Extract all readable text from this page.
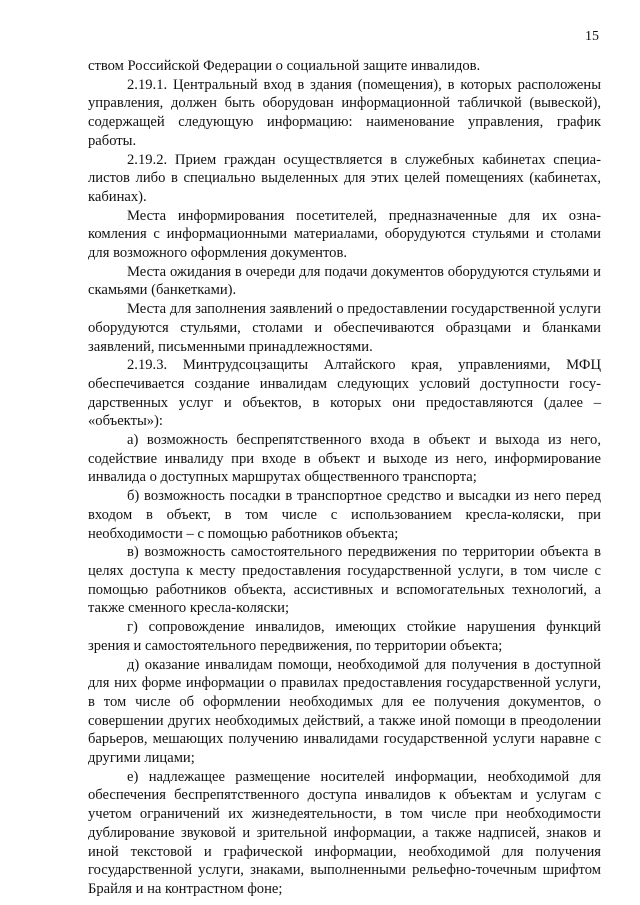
15

ством Российской Федерации о социальной защите инвалидов.

2.19.1. Центральный вход в здания (помещения), в которых расположены управления, должен быть оборудован информационной табличкой (вывеской), содержащей следующую информацию: наименование управления, график работы.

2.19.2. Прием граждан осуществляется в служебных кабинетах специалистов либо в специально выделенных для этих целей помещениях (кабинетах, кабинах).

Места информирования посетителей, предназначенные для их ознакомления с информационными материалами, оборудуются стульями и столами для возможного оформления документов.

Места ожидания в очереди для подачи документов оборудуются стульями и скамьями (банкетками).

Места для заполнения заявлений о предоставлении государственной услуги оборудуются стульями, столами и обеспечиваются образцами и бланками заявлений, письменными принадлежностями.

2.19.3. Минтрудсоцзащиты Алтайского края, управлениями, МФЦ обеспечивается создание инвалидам следующих условий доступности государственных услуг и объектов, в которых они предоставляются (далее – «объекты»):

а) возможность беспрепятственного входа в объект и выхода из него, содействие инвалиду при входе в объект и выходе из него, информирование инвалида о доступных маршрутах общественного транспорта;

б) возможность посадки в транспортное средство и высадки из него перед входом в объект, в том числе с использованием кресла-коляски, при необходимости – с помощью работников объекта;

в) возможность самостоятельного передвижения по территории объекта в целях доступа к месту предоставления государственной услуги, в том числе с помощью работников объекта, ассистивных и вспомогательных технологий, а также сменного кресла-коляски;

г) сопровождение инвалидов, имеющих стойкие нарушения функций зрения и самостоятельного передвижения, по территории объекта;

д) оказание инвалидам помощи, необходимой для получения в доступной для них форме информации о правилах предоставления государственной услуги, в том числе об оформлении необходимых для ее получения документов, о совершении других необходимых действий, а также иной помощи в преодолении барьеров, мешающих получению инвалидами государственной услуги наравне с другими лицами;

е) надлежащее размещение носителей информации, необходимой для обеспечения беспрепятственного доступа инвалидов к объектам и услугам с учетом ограничений их жизнедеятельности, в том числе при необходимости дублирование звуковой и зрительной информации, а также надписей, знаков и иной текстовой и графической информации, необходимой для получения государственной услуги, знаками, выполненными рельефно-точечным шрифтом Брайля и на контрастном фоне;
